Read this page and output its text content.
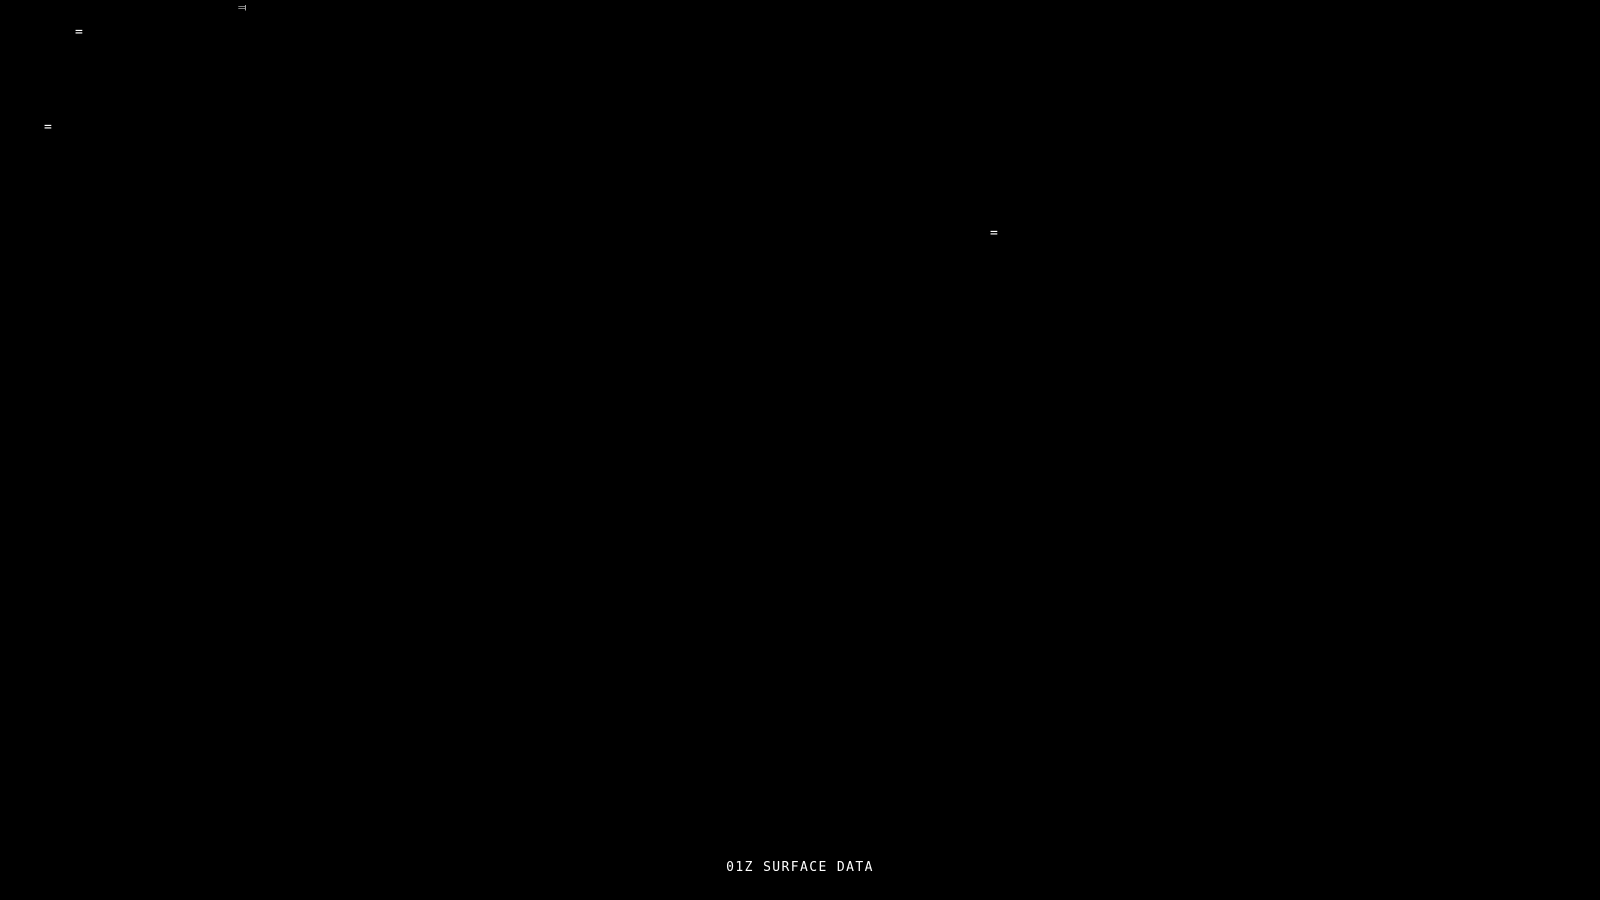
⫤
=
=
=
01Z SURFACE DATA
